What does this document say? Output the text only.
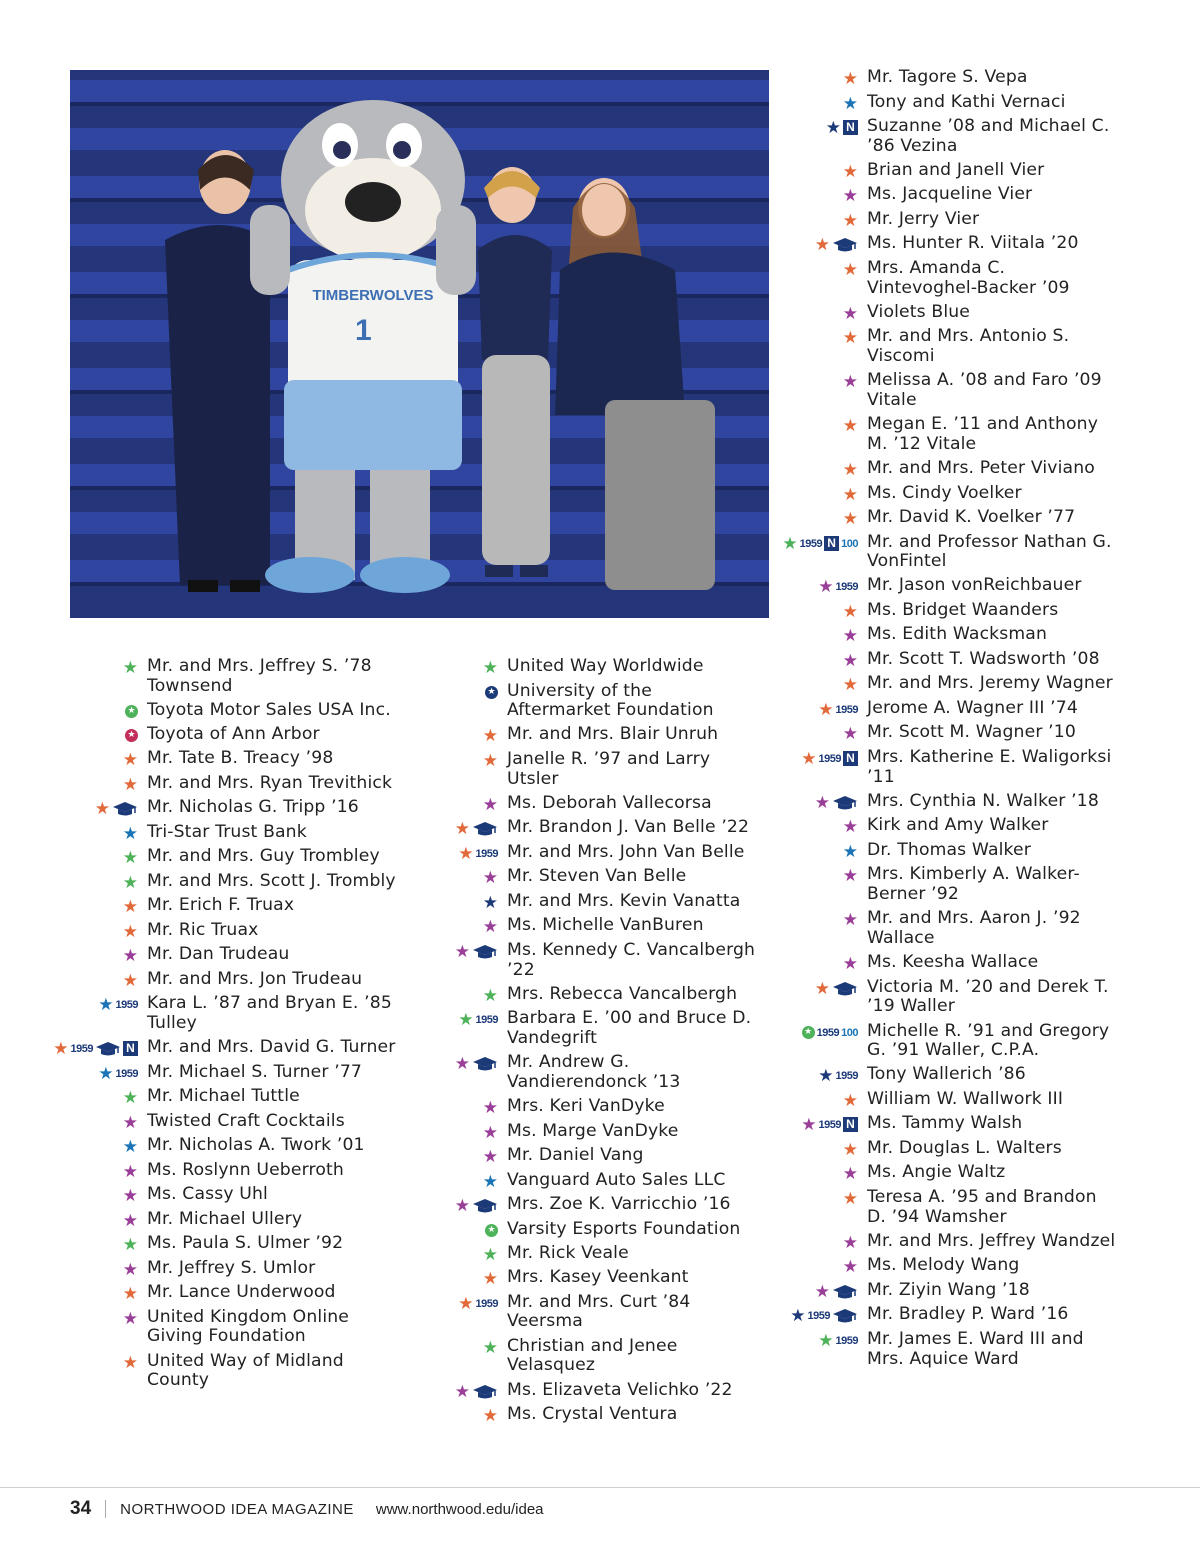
TIMBERWOLVES
1
★ Mr. and Mrs. Jeffrey S. ’78 Townsend
★ Toyota Motor Sales USA Inc.
★ Toyota of Ann Arbor
★ Mr. Tate B. Treacy ’98
★ Mr. and Mrs. Ryan Trevithick
★ Mr. Nicholas G. Tripp ’16
★ Tri-Star Trust Bank
★ Mr. and Mrs. Guy Trombley
★ Mr. and Mrs. Scott J. Trombly
★ Mr. Erich F. Truax
★ Mr. Ric Truax
★ Mr. Dan Trudeau
★ Mr. and Mrs. Jon Trudeau
★ 1959 Kara L. ’87 and Bryan E. ’85 Tulley
★ 1959	N Mr. and Mrs. David G. Turner
★ 1959 Mr. Michael S. Turner ’77
★ Mr. Michael Tuttle
★ Twisted Craft Cocktails
★ Mr. Nicholas A. Twork ’01
★ Ms. Roslynn Ueberroth
★ Ms. Cassy Uhl
★ Mr. Michael Ullery
★ Ms. Paula S. Ulmer ’92
★ Mr. Jeffrey S. Umlor
★ Mr. Lance Underwood
★ United Kingdom Online Giving Foundation
★ United Way of Midland County
★ United Way Worldwide
★ University of the Aftermarket Foundation
★ Mr. and Mrs. Blair Unruh
★ Janelle R. ’97 and Larry Utsler
★ Ms. Deborah Vallecorsa
★ Mr. Brandon J. Van Belle ’22
★ 1959 Mr. and Mrs. John Van Belle
★ Mr. Steven Van Belle
★ Mr. and Mrs. Kevin Vanatta
★ Ms. Michelle VanBuren
★ Ms. Kennedy C. Vancalbergh ’22
★ Mrs. Rebecca Vancalbergh
★ 1959 Barbara E. ’00 and Bruce D. Vandegrift
★ Mr. Andrew G. Vandierendonck ’13
★ Mrs. Keri VanDyke
★ Ms. Marge VanDyke
★ Mr. Daniel Vang
★ Vanguard Auto Sales LLC
★ Mrs. Zoe K. Varricchio ’16
★ Varsity Esports Foundation
★ Mr. Rick Veale
★ Mrs. Kasey Veenkant
★ 1959 Mr. and Mrs. Curt ’84 Veersma
★ Christian and Jenee Velasquez
★ Ms. Elizaveta Velichko ’22
★ Ms. Crystal Ventura
★ Mr. Tagore S. Vepa
★ Tony and Kathi Vernaci
★ N Suzanne ’08 and Michael C. ’86 Vezina
★ Brian and Janell Vier
★ Ms. Jacqueline Vier
★ Mr. Jerry Vier
★ Ms. Hunter R. Viitala ’20
★ Mrs. Amanda C. Vintevoghel-Backer ’09
★ Violets Blue
★ Mr. and Mrs. Antonio S. Viscomi
★ Melissa A. ’08 and Faro ’09 Vitale
★ Megan E. ’11 and Anthony M. ’12 Vitale
★ Mr. and Mrs. Peter Viviano
★ Ms. Cindy Voelker
★ Mr. David K. Voelker ’77
★ 1959 N 100 Mr. and Professor Nathan G. VonFintel
★ 1959 Mr. Jason vonReichbauer
★ Ms. Bridget Waanders
★ Ms. Edith Wacksman
★ Mr. Scott T. Wadsworth ’08
★ Mr. and Mrs. Jeremy Wagner
★ 1959 Jerome A. Wagner III ’74
★ Mr. Scott M. Wagner ’10
★ 1959 N Mrs. Katherine E. Waligorksi ’11
★ Mrs. Cynthia N. Walker ’18
★ Kirk and Amy Walker
★ Dr. Thomas Walker
★ Mrs. Kimberly A. Walker-Berner ’92
★ Mr. and Mrs. Aaron J. ’92 Wallace
★ Ms. Keesha Wallace
★ Victoria M. ’20 and Derek T. ’19 Waller
★ 1959 100 Michelle R. ’91 and Gregory G. ’91 Waller, C.P.A.
★ 1959 Tony Wallerich ’86
★ William W. Wallwork III
★ 1959 N Ms. Tammy Walsh
★ Mr. Douglas L. Walters
★ Ms. Angie Waltz
★ Teresa A. ’95 and Brandon D. ’94 Wamsher
★ Mr. and Mrs. Jeffrey Wandzel
★ Ms. Melody Wang
★ Mr. Ziyin Wang ’18
★ 1959 Mr. Bradley P. Ward ’16
★ 1959 Mr. James E. Ward III and Mrs. Aquice Ward
34 NORTHWOOD IDEA MAGAZINE www.northwood.edu/idea
